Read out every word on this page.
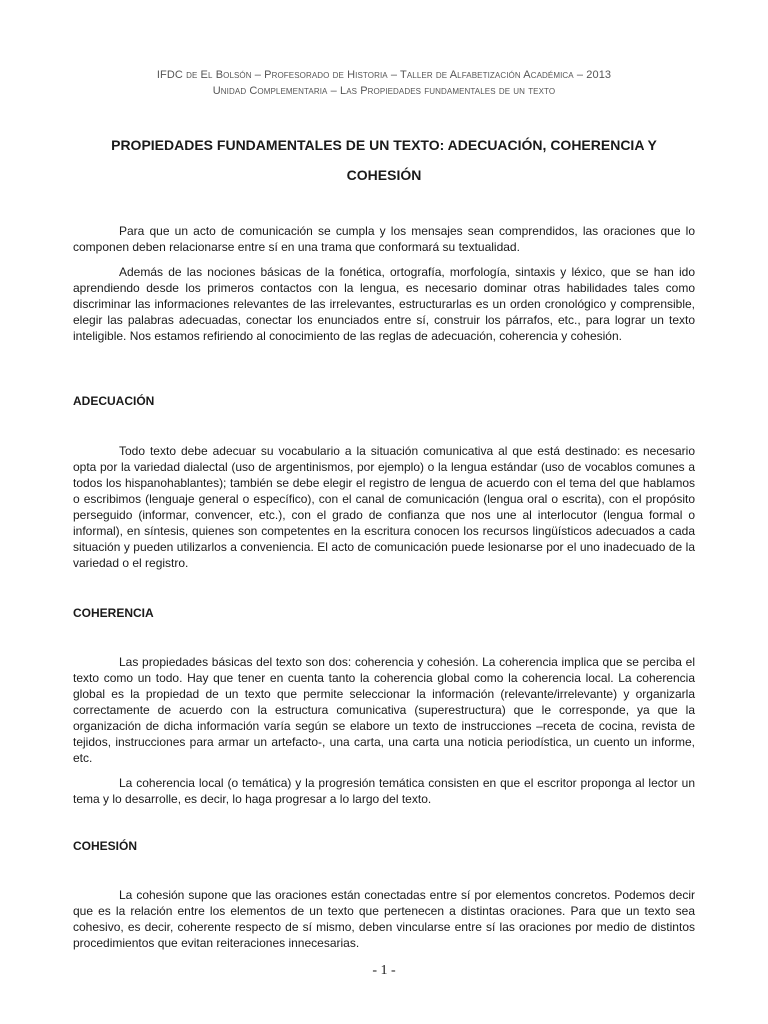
IFDC de El Bolsón – Profesorado de Historia – Taller de Alfabetización Académica – 2013
Unidad Complementaria – Las Propiedades fundamentales de un texto
PROPIEDADES FUNDAMENTALES DE UN TEXTO: ADECUACIÓN, COHERENCIA Y
COHESIÓN

Para que un acto de comunicación se cumpla y los mensajes sean comprendidos, las oraciones que lo componen deben relacionarse entre sí en una trama que conformará su textualidad.

Además de las nociones básicas de la fonética, ortografía, morfología, sintaxis y léxico, que se han ido aprendiendo desde los primeros contactos con la lengua, es necesario dominar otras habilidades tales como discriminar las informaciones relevantes de las irrelevantes, estructurarlas es un orden cronológico y comprensible, elegir las palabras adecuadas, conectar los enunciados entre sí, construir los párrafos, etc., para lograr un texto inteligible. Nos estamos refiriendo al conocimiento de las reglas de adecuación, coherencia y cohesión.

ADECUACIÓN

Todo texto debe adecuar su vocabulario a la situación comunicativa al que está destinado: es necesario opta por la variedad dialectal (uso de argentinismos, por ejemplo) o la lengua estándar (uso de vocablos comunes a todos los hispanohablantes); también se debe elegir el registro de lengua de acuerdo con el tema del que hablamos o escribimos (lenguaje general o específico), con el canal de comunicación (lengua oral o escrita), con el propósito perseguido (informar, convencer, etc.), con el grado de confianza que nos une al interlocutor (lengua formal o informal), en síntesis, quienes son competentes en la escritura conocen los recursos lingüísticos adecuados a cada situación y pueden utilizarlos a conveniencia. El acto de comunicación puede lesionarse por el uno inadecuado de la variedad o el registro.

COHERENCIA

Las propiedades básicas del texto son dos: coherencia y cohesión. La coherencia implica que se perciba el texto como un todo. Hay que tener en cuenta tanto la coherencia global como la coherencia local. La coherencia global es la propiedad de un texto que permite seleccionar la información (relevante/irrelevante) y organizarla correctamente de acuerdo con la estructura comunicativa (superestructura) que le corresponde, ya que la organización de dicha información varía según se elabore un texto de instrucciones –receta de cocina, revista de tejidos, instrucciones para armar un artefacto-, una carta, una carta una noticia periodística, un cuento un informe, etc.

La coherencia local (o temática) y la progresión temática consisten en que el escritor proponga al lector un tema y lo desarrolle, es decir, lo haga progresar a lo largo del texto.

COHESIÓN

La cohesión supone que las oraciones están conectadas entre sí por elementos concretos. Podemos decir que es la relación entre los elementos de un texto que pertenecen a distintas oraciones. Para que un texto sea cohesivo, es decir, coherente respecto de sí mismo, deben vincularse entre sí las oraciones por medio de distintos procedimientos que evitan reiteraciones innecesarias.

- 1 -
